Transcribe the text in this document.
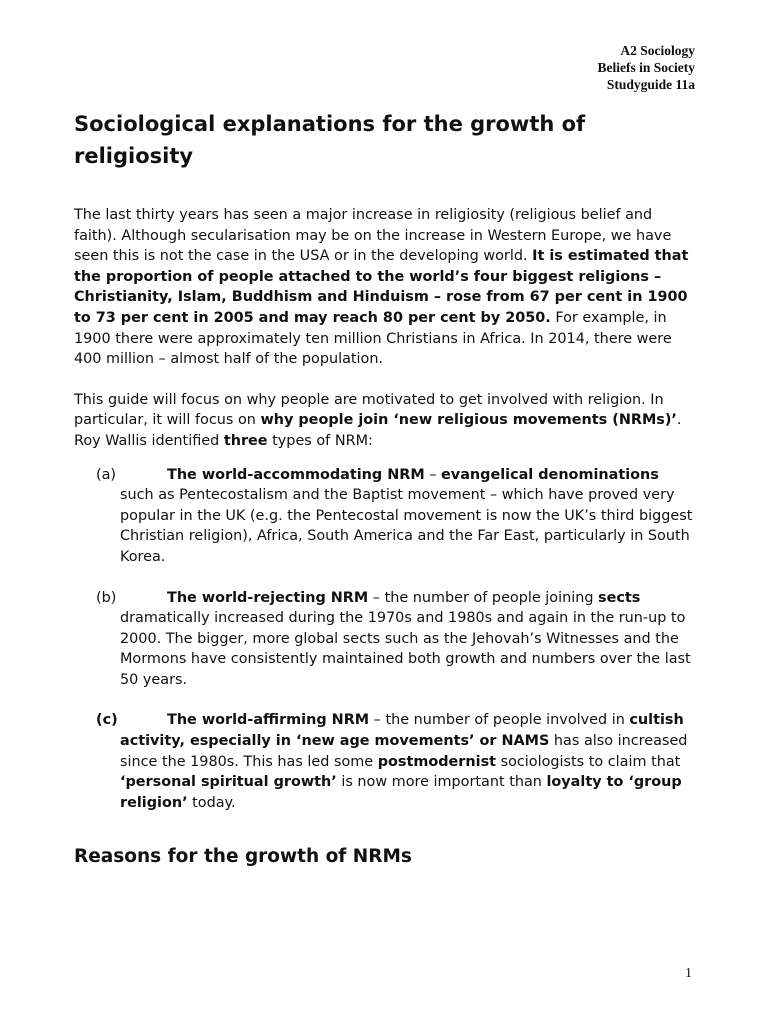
A2 Sociology
Beliefs in Society
Studyguide 11a
Sociological explanations for the growth of religiosity

The last thirty years has seen a major increase in religiosity (religious belief and faith). Although secularisation may be on the increase in Western Europe, we have seen this is not the case in the USA or in the developing world. It is estimated that the proportion of people attached to the world’s four biggest religions – Christianity, Islam, Buddhism and Hinduism – rose from 67 per cent in 1900 to 73 per cent in 2005 and may reach 80 per cent by 2050. For example, in 1900 there were approximately ten million Christians in Africa. In 2014, there were 400 million – almost half of the population.

This guide will focus on why people are motivated to get involved with religion. In particular, it will focus on why people join ‘new religious movements (NRMs)’. Roy Wallis identified three types of NRM:

(a)	The world-accommodating NRM – evangelical denominations such as Pentecostalism and the Baptist movement – which have proved very popular in the UK (e.g. the Pentecostal movement is now the UK’s third biggest Christian religion), Africa, South America and the Far East, particularly in South Korea.
(b)	The world-rejecting NRM – the number of people joining sects dramatically increased during the 1970s and 1980s and again in the run-up to 2000. The bigger, more global sects such as the Jehovah’s Witnesses and the Mormons have consistently maintained both growth and numbers over the last 50 years.
(c)	The world-affirming NRM – the number of people involved in cultish activity, especially in ‘new age movements’ or NAMS has also increased since the 1980s. This has led some postmodernist sociologists to claim that ‘personal spiritual growth’ is now more important than loyalty to ‘group religion’ today.
Reasons for the growth of NRMs
1
